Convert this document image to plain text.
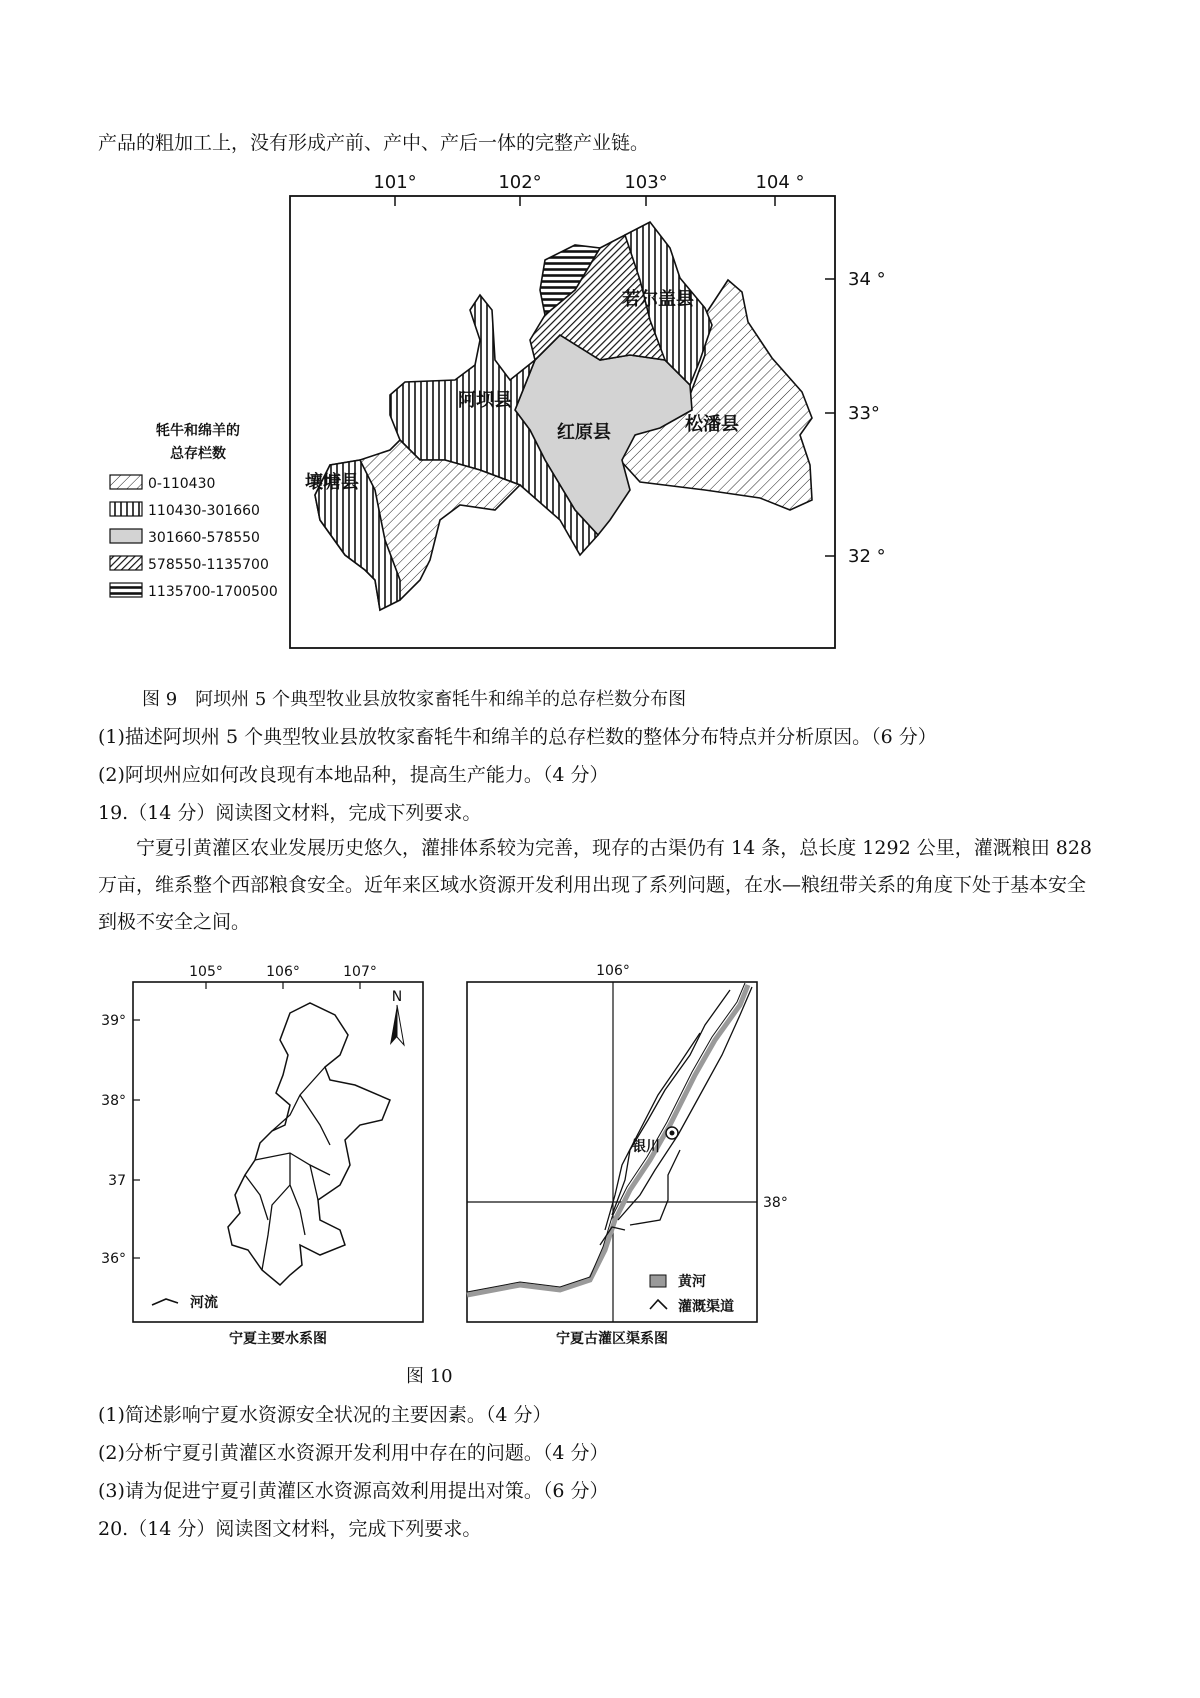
产品的粗加工上，没有形成产前、产中、产后一体的完整产业链。
101°	102°	103°	104 °
34 °
33°
32 °
若尔盖县
阿坝县
红原县	松潘县
壤塘县
牦牛和绵羊的
总存栏数
0-110430
110430-301660
301660-578550
578550-1135700
1135700-1700500
图 9　阿坝州 5 个典型牧业县放牧家畜牦牛和绵羊的总存栏数分布图
(1)描述阿坝州 5 个典型牧业县放牧家畜牦牛和绵羊的总存栏数的整体分布特点并分析原因。（6 分）
(2)阿坝州应如何改良现有本地品种，提高生产能力。（4 分）
19.（14 分）阅读图文材料，完成下列要求。
宁夏引黄灌区农业发展历史悠久，灌排体系较为完善，现存的古渠仍有 14 条，总长度 1292 公里，灌溉粮田 828 万亩，维系整个西部粮食安全。近年来区域水资源开发利用出现了系列问题，在水—粮纽带关系的角度下处于基本安全到极不安全之间。
105°	106°	107°
39°
38°
37
36°
N
河流
宁夏主要水系图
106°
38°
银川
黄河
灌溉渠道
宁夏古灌区渠系图
图 10
(1)简述影响宁夏水资源安全状况的主要因素。（4 分）
(2)分析宁夏引黄灌区水资源开发利用中存在的问题。（4 分）
(3)请为促进宁夏引黄灌区水资源高效利用提出对策。（6 分）
20.（14 分）阅读图文材料，完成下列要求。
